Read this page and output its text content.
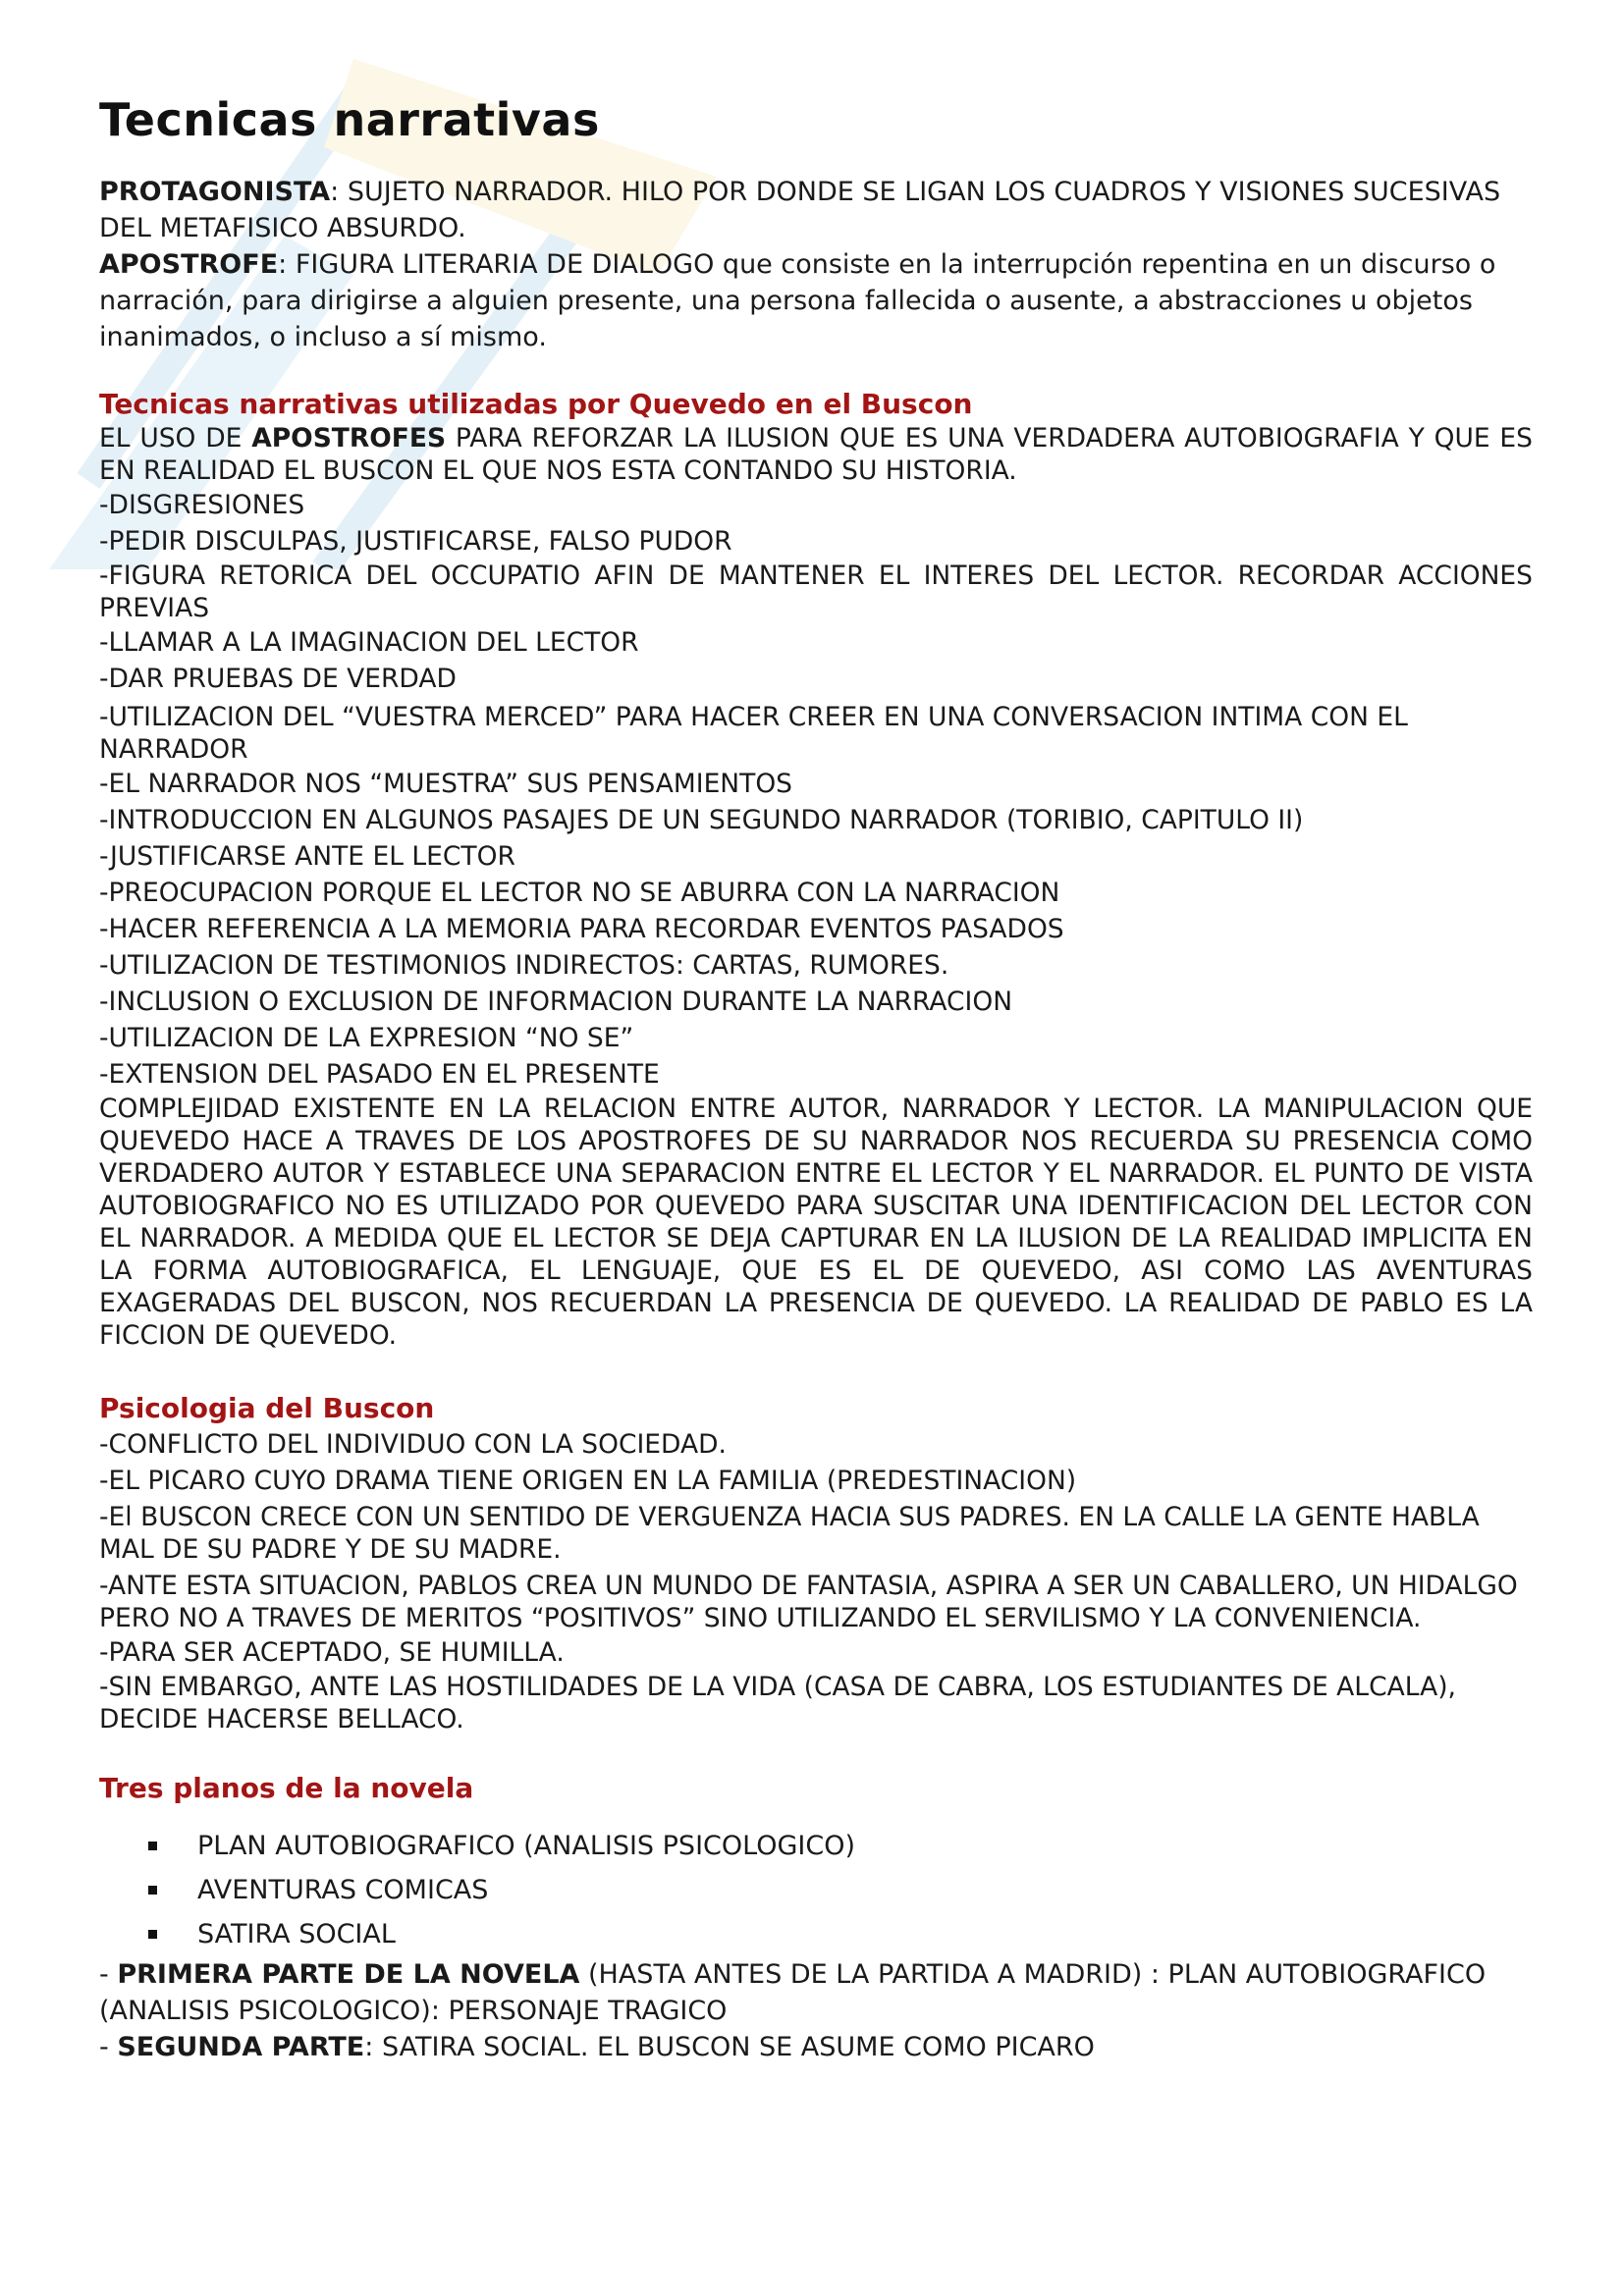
Tecnicas narrativas

PROTAGONISTA: SUJETO NARRADOR. HILO POR DONDE SE LIGAN LOS CUADROS Y VISIONES SUCESIVAS DEL METAFISICO ABSURDO.

APOSTROFE: FIGURA LITERARIA DE DIALOGO que consiste en la interrupción repentina en un discurso o narración, para dirigirse a alguien presente, una persona fallecida o ausente, a abstracciones u objetos inanimados, o incluso a sí mismo.

Tecnicas narrativas utilizadas por Quevedo en el Buscon

EL USO DE APOSTROFES PARA REFORZAR LA ILUSION QUE ES UNA VERDADERA AUTOBIOGRAFIA Y QUE ES EN REALIDAD EL BUSCON EL QUE NOS ESTA CONTANDO SU HISTORIA.

-DISGRESIONES

-PEDIR DISCULPAS, JUSTIFICARSE, FALSO PUDOR

-FIGURA RETORICA DEL OCCUPATIO AFIN DE MANTENER EL INTERES DEL LECTOR. RECORDAR ACCIONES PREVIAS

-LLAMAR A LA IMAGINACION DEL LECTOR

-DAR PRUEBAS DE VERDAD

-UTILIZACION DEL “VUESTRA MERCED” PARA HACER CREER EN UNA CONVERSACION INTIMA CON EL NARRADOR

-EL NARRADOR NOS “MUESTRA” SUS PENSAMIENTOS

-INTRODUCCION EN ALGUNOS PASAJES DE UN SEGUNDO NARRADOR (TORIBIO, CAPITULO II)

-JUSTIFICARSE ANTE EL LECTOR

-PREOCUPACION PORQUE EL LECTOR NO SE ABURRA CON LA NARRACION

-HACER REFERENCIA A LA MEMORIA PARA RECORDAR EVENTOS PASADOS

-UTILIZACION DE TESTIMONIOS INDIRECTOS: CARTAS, RUMORES.

-INCLUSION O EXCLUSION DE INFORMACION DURANTE LA NARRACION

-UTILIZACION DE LA EXPRESION “NO SE”

-EXTENSION DEL PASADO EN EL PRESENTE

COMPLEJIDAD EXISTENTE EN LA RELACION ENTRE AUTOR, NARRADOR Y LECTOR. LA MANIPULACION QUE QUEVEDO HACE A TRAVES DE LOS APOSTROFES DE SU NARRADOR NOS RECUERDA SU PRESENCIA COMO VERDADERO AUTOR Y ESTABLECE UNA SEPARACION ENTRE EL LECTOR Y EL NARRADOR. EL PUNTO DE VISTA AUTOBIOGRAFICO NO ES UTILIZADO POR QUEVEDO PARA SUSCITAR UNA IDENTIFICACION DEL LECTOR CON EL NARRADOR. A MEDIDA QUE EL LECTOR SE DEJA CAPTURAR EN LA ILUSION DE LA REALIDAD IMPLICITA EN LA FORMA AUTOBIOGRAFICA, EL LENGUAJE, QUE ES EL DE QUEVEDO, ASI COMO LAS AVENTURAS EXAGERADAS DEL BUSCON, NOS RECUERDAN LA PRESENCIA DE QUEVEDO. LA REALIDAD DE PABLO ES LA FICCION DE QUEVEDO.

Psicologia del Buscon

-CONFLICTO DEL INDIVIDUO CON LA SOCIEDAD.

-EL PICARO CUYO DRAMA TIENE ORIGEN EN LA FAMILIA (PREDESTINACION)

-El BUSCON CRECE CON UN SENTIDO DE VERGUENZA HACIA SUS PADRES. EN LA CALLE LA GENTE HABLA MAL DE SU PADRE Y DE SU MADRE.

-ANTE ESTA SITUACION, PABLOS CREA UN MUNDO DE FANTASIA, ASPIRA A SER UN CABALLERO, UN HIDALGO PERO NO A TRAVES DE MERITOS “POSITIVOS” SINO UTILIZANDO EL SERVILISMO Y LA CONVENIENCIA.

-PARA SER ACEPTADO, SE HUMILLA.

-SIN EMBARGO, ANTE LAS HOSTILIDADES DE LA VIDA (CASA DE CABRA, LOS ESTUDIANTES DE ALCALA), DECIDE HACERSE BELLACO.

Tres planos de la novela

PLAN AUTOBIOGRAFICO (ANALISIS PSICOLOGICO)
AVENTURAS COMICAS
SATIRA SOCIAL

- PRIMERA PARTE DE LA NOVELA (HASTA ANTES DE LA PARTIDA A MADRID) : PLAN AUTOBIOGRAFICO (ANALISIS PSICOLOGICO): PERSONAJE TRAGICO

- SEGUNDA PARTE: SATIRA SOCIAL. EL BUSCON SE ASUME COMO PICARO
